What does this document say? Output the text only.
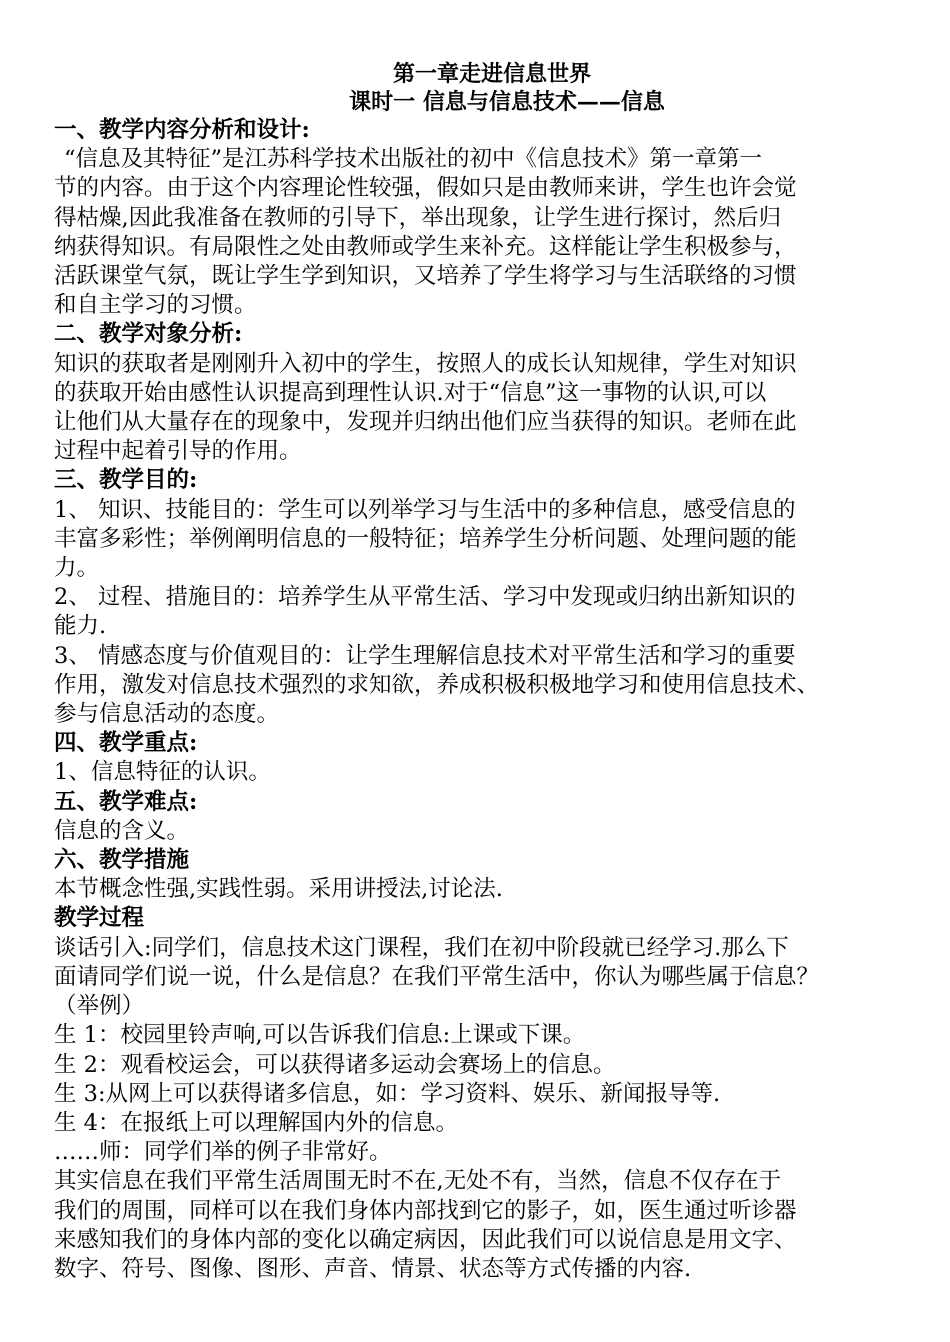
第一章走进信息世界

课时一 信息与信息技术——信息

一、教学内容分析和设计:

“信息及其特征”是江苏科学技术出版社的初中《信息技术》第一章第一

节的内容。由于这个内容理论性较强，假如只是由教师来讲，学生也许会觉

得枯燥,因此我准备在教师的引导下，举出现象，让学生进行探讨，然后归

纳获得知识。有局限性之处由教师或学生来补充。这样能让学生积极参与，

活跃课堂气氛，既让学生学到知识，又培养了学生将学习与生活联络的习惯

和自主学习的习惯。

二、教学对象分析:

知识的获取者是刚刚升入初中的学生，按照人的成长认知规律，学生对知识

的获取开始由感性认识提高到理性认识.对于“信息”这一事物的认识,可以

让他们从大量存在的现象中，发现并归纳出他们应当获得的知识。老师在此

过程中起着引导的作用。

三、教学目的:

1、 知识、技能目的：学生可以列举学习与生活中的多种信息，感受信息的

丰富多彩性；举例阐明信息的一般特征；培养学生分析问题、处理问题的能

力。

2、 过程、措施目的：培养学生从平常生活、学习中发现或归纳出新知识的

能力.

3、 情感态度与价值观目的：让学生理解信息技术对平常生活和学习的重要

作用，激发对信息技术强烈的求知欲，养成积极积极地学习和使用信息技术、

参与信息活动的态度。

四、教学重点:

1、信息特征的认识。

五、教学难点:

信息的含义。

六、教学措施

本节概念性强,实践性弱。采用讲授法,讨论法.

教学过程

谈话引入:同学们，信息技术这门课程，我们在初中阶段就已经学习.那么下

面请同学们说一说，什么是信息？在我们平常生活中，你认为哪些属于信息？

（举例）

生 1：校园里铃声响,可以告诉我们信息:上课或下课。

生 2：观看校运会，可以获得诸多运动会赛场上的信息。

生 3:从网上可以获得诸多信息，如：学习资料、娱乐、新闻报导等.

生 4：在报纸上可以理解国内外的信息。

……师：同学们举的例子非常好。

其实信息在我们平常生活周围无时不在,无处不有，当然，信息不仅存在于

我们的周围，同样可以在我们身体内部找到它的影子，如，医生通过听诊器

来感知我们的身体内部的变化以确定病因，因此我们可以说信息是用文字、

数字、符号、图像、图形、声音、情景、状态等方式传播的内容.
